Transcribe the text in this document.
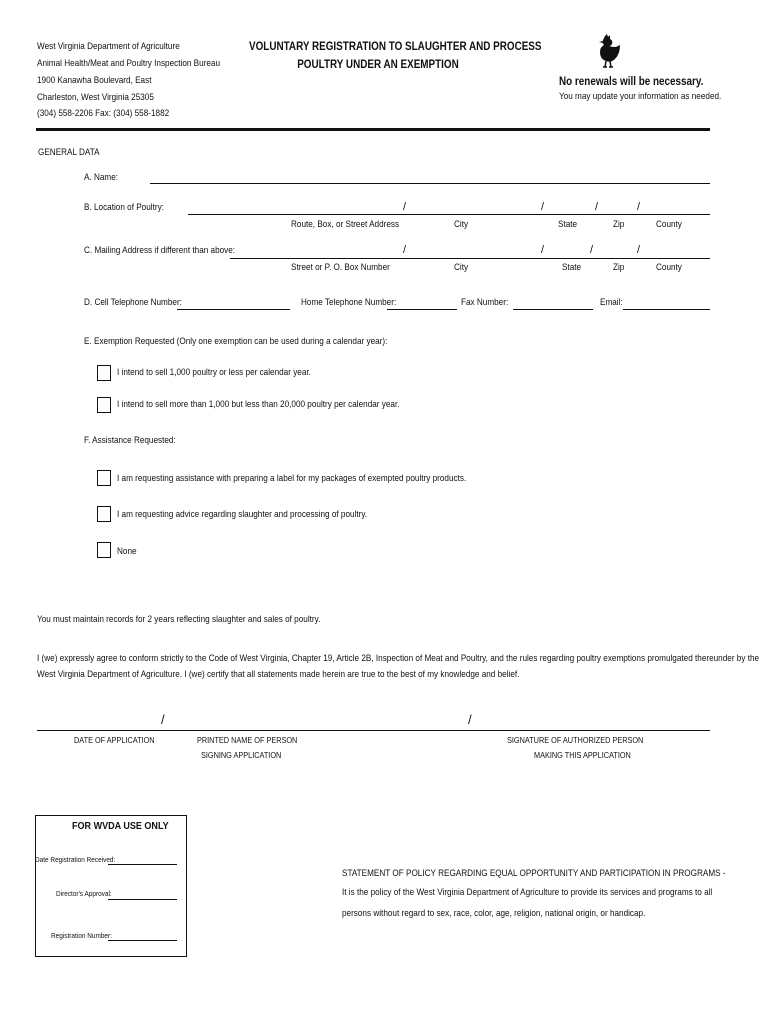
West Virginia Department of Agriculture
Animal Health/Meat and Poultry Inspection Bureau
1900 Kanawha Boulevard, East
Charleston, West Virginia 25305
(304) 558-2206 Fax: (304) 558-1882
VOLUNTARY REGISTRATION TO SLAUGHTER AND PROCESS
POULTRY UNDER AN EXEMPTION
No renewals will be necessary.
You may update your information as needed.
GENERAL DATA
A. Name:
B. Location of Poultry:	/	/	/	/
Route, Box, or Street Address	City	State	Zip	County
C. Mailing Address if different than above:	/	/	/	/
Street or P. O. Box Number	City	State	Zip	County
D. Cell Telephone Number:	Home Telephone Number:	Fax Number:	Email:
E. Exemption Requested (Only one exemption can be used during a calendar year):
I intend to sell 1,000 poultry or less per calendar year.
I intend to sell more than 1,000 but less than 20,000 poultry per calendar year.
F. Assistance Requested:
I am requesting assistance with preparing a label for my packages of exempted poultry products.
I am requesting advice regarding slaughter and processing of poultry.
None
You must maintain records for 2 years reflecting slaughter and sales of poultry.
I (we) expressly agree to conform strictly to the Code of West Virginia, Chapter 19, Article 2B, Inspection of Meat and Poultry, and the rules regarding poultry exemptions promulgated thereunder by the
West Virginia Department of Agriculture. I (we) certify that all statements made herein are true to the best of my knowledge and belief.
/	/
DATE OF APPLICATION	PRINTED NAME OF PERSON
SIGNING APPLICATION
SIGNATURE OF AUTHORIZED PERSON
MAKING THIS APPLICATION
FOR WVDA USE ONLY
Date Registration Received:
Director's Approval:
Registration Number:
STATEMENT OF POLICY REGARDING EQUAL OPPORTUNITY AND PARTICIPATION IN PROGRAMS -
It is the policy of the West Virginia Department of Agriculture to provide its services and programs to all
persons without regard to sex, race, color, age, religion, national origin, or handicap.
